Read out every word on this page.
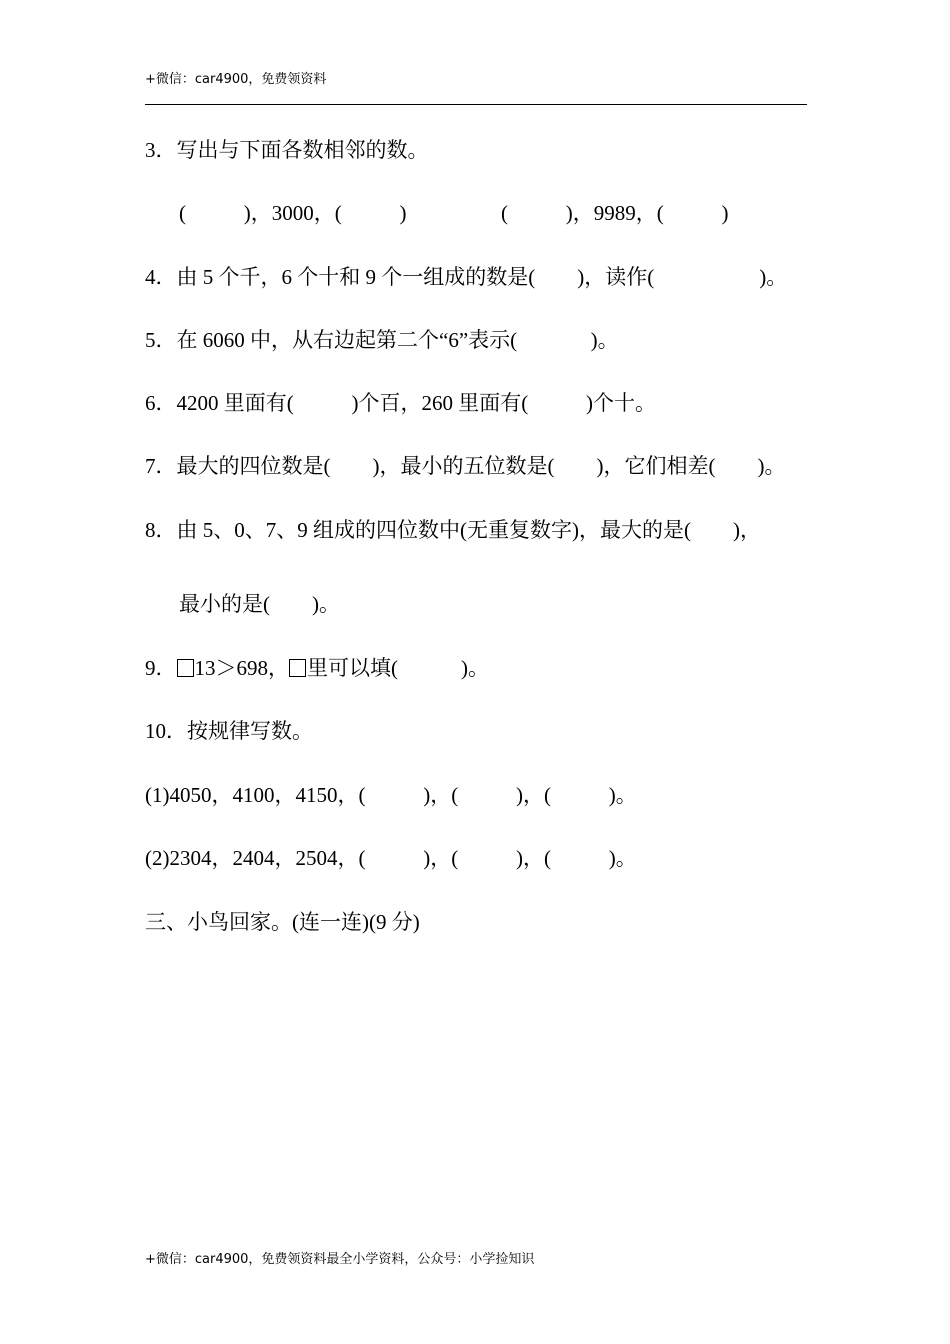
+微信：car4900，免费领资料
3．写出与下面各数相邻的数。
(           )，3000，(           )                  (           )，9989，(           )
4．由 5 个千，6 个十和 9 个一组成的数是(        )，读作(                    )。
5．在 6060 中，从右边起第二个“6”表示(              )。
6．4200 里面有(           )个百，260 里面有(           )个十。
7．最大的四位数是(        )，最小的五位数是(        )，它们相差(        )。
8．由 5、0、7、9 组成的四位数中(无重复数字)，最大的是(        )，
最小的是(        )。
9． 13＞698， 里可以填(            )。
10．按规律写数。
(1)4050，4100，4150，(           )，(           )，(           )。
(2)2304，2404，2504，(           )，(           )，(           )。
三、小鸟回家。(连一连)(9 分)
+微信：car4900，免费领资料最全小学资料，公众号：小学捡知识
